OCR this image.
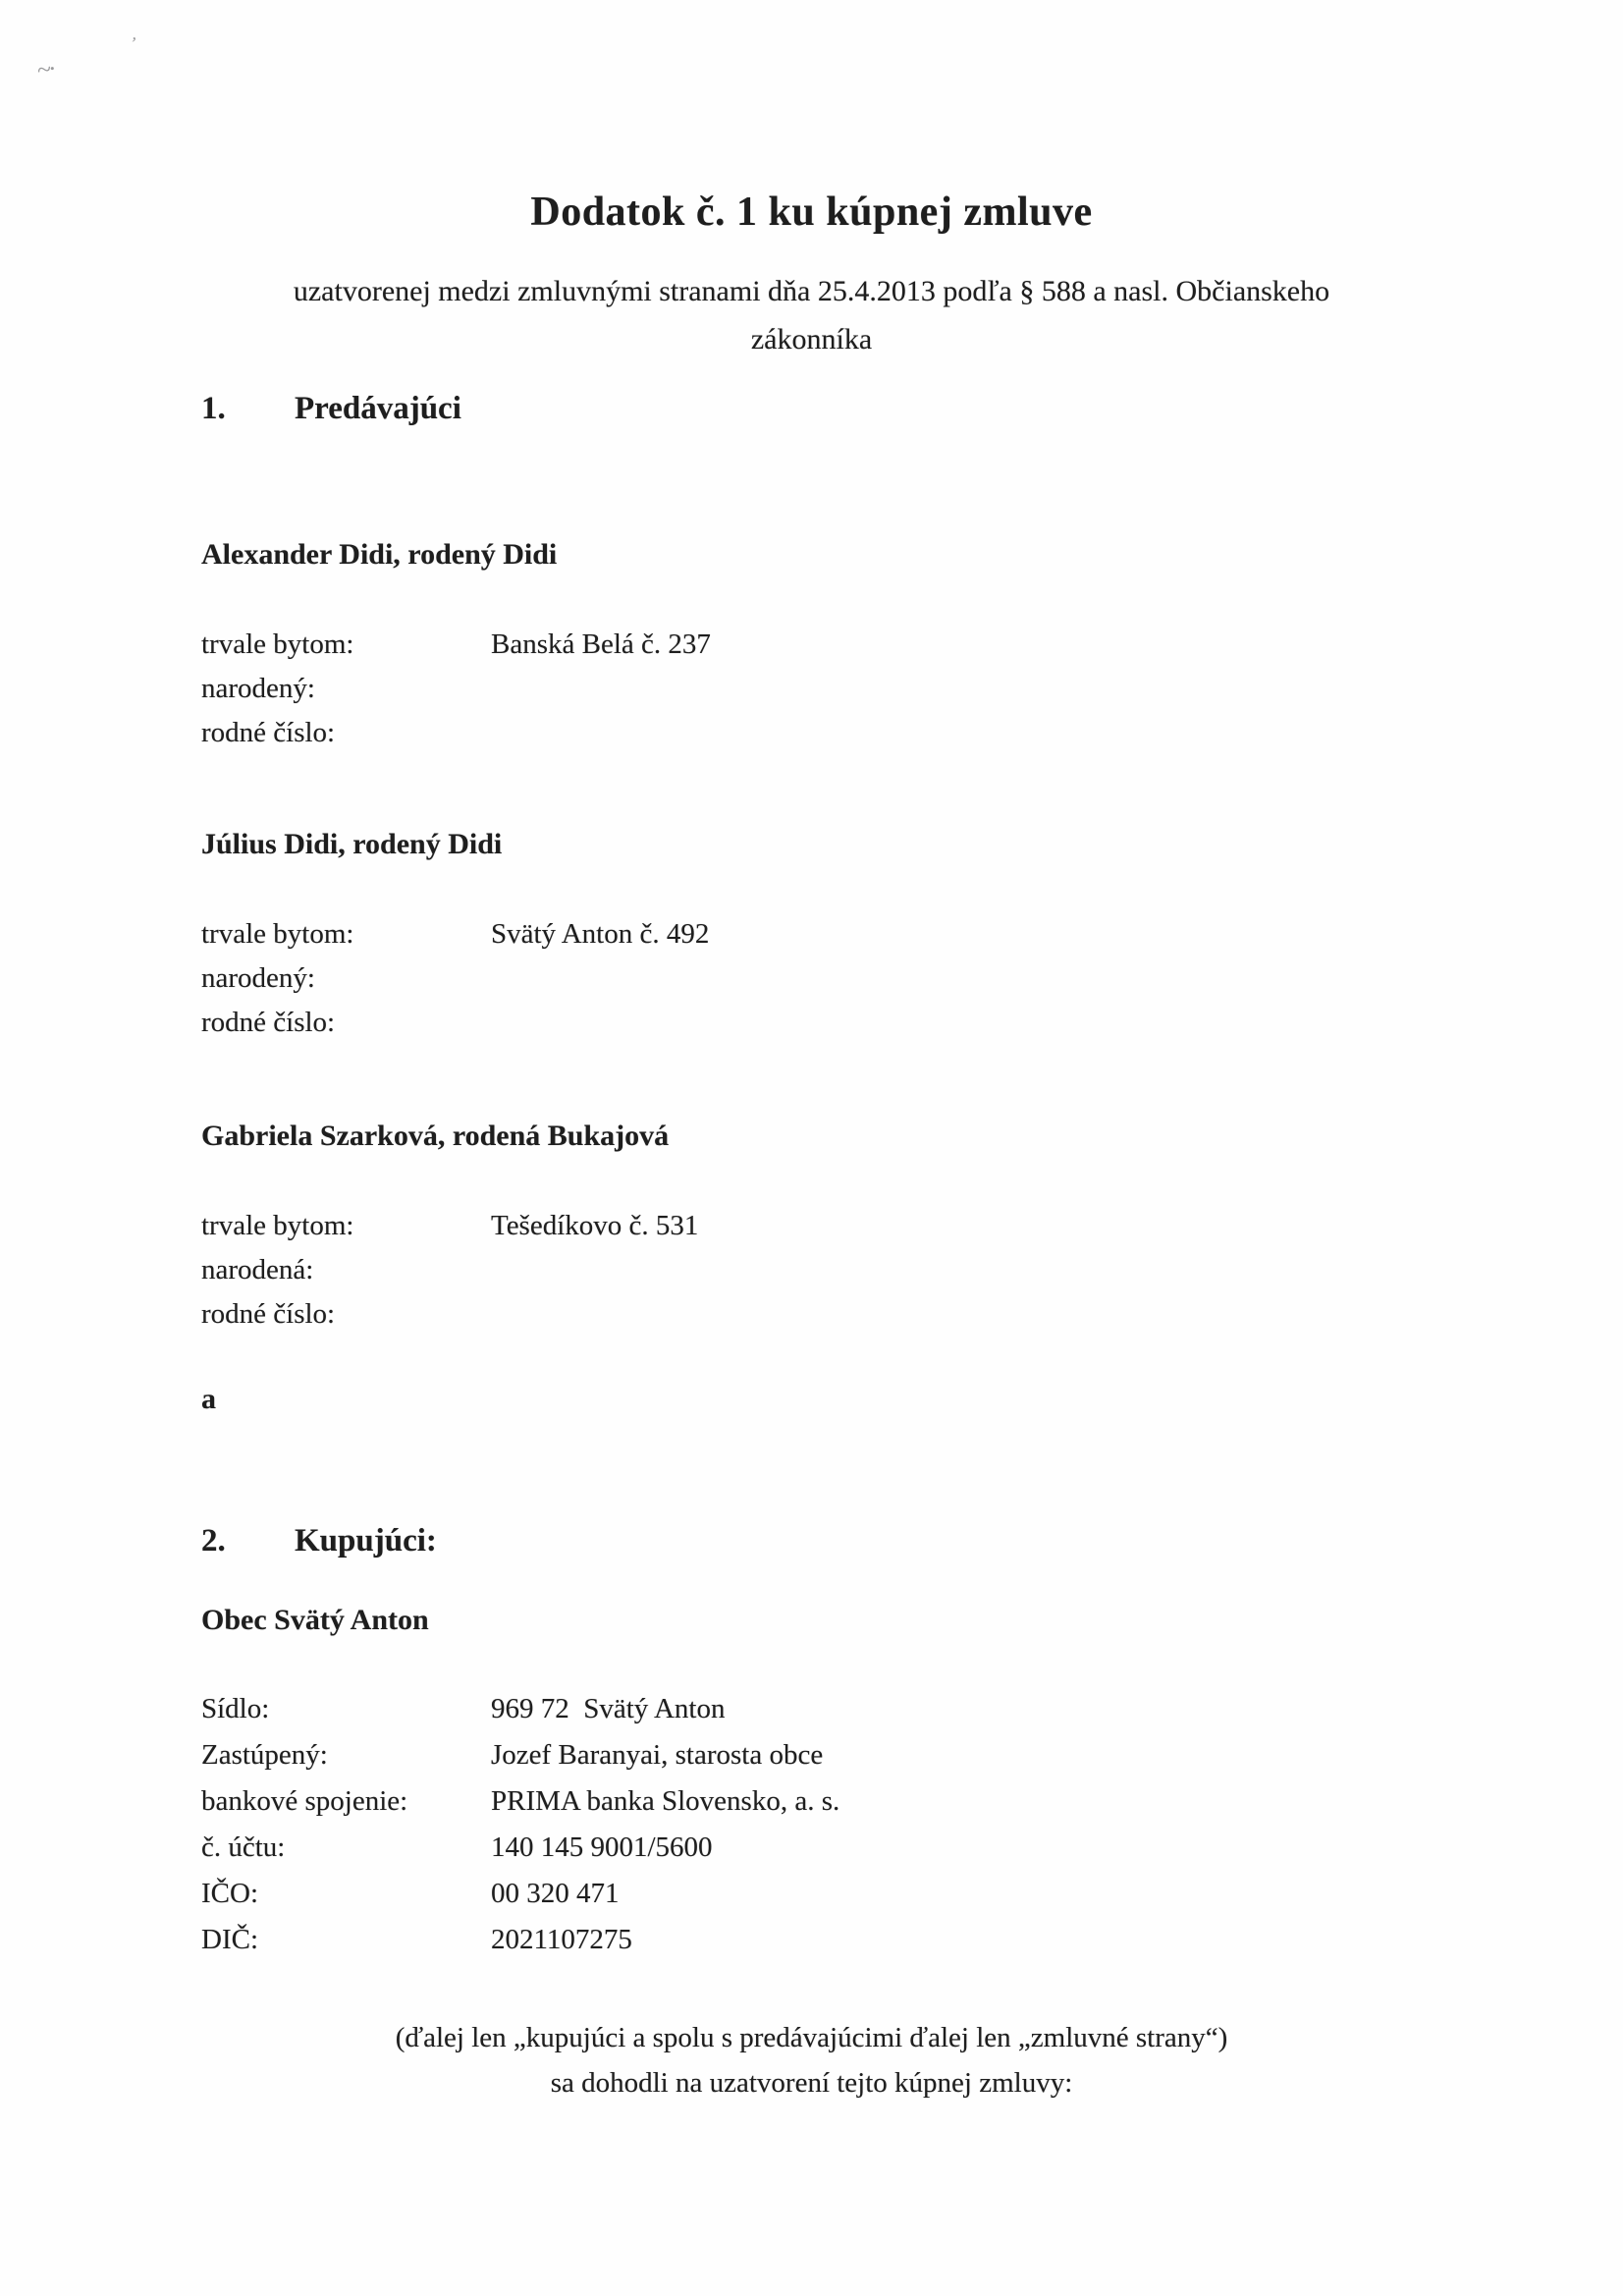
’
~·
Dodatok č. 1 ku kúpnej zmluve
uzatvorenej medzi zmluvnými stranami dňa 25.4.2013 podľa § 588 a nasl. Občianskeho
zákonníka
1.	Predávajúci
Alexander Didi, rodený Didi
trvale bytom:	Banská Belá č. 237
narodený:
rodné číslo:
Július Didi, rodený Didi
trvale bytom:	Svätý Anton č. 492
narodený:
rodné číslo:
Gabriela Szarková, rodená Bukajová
trvale bytom:	Tešedíkovo č. 531
narodená:
rodné číslo:
a
2.	Kupujúci:
Obec Svätý Anton
Sídlo:	969 72  Svätý Anton
Zastúpený:	Jozef Baranyai, starosta obce
bankové spojenie:	PRIMA banka Slovensko, a. s.
č. účtu:	140 145 9001/5600
IČO:	00 320 471
DIČ:	2021107275
(ďalej len „kupujúci a spolu s predávajúcimi ďalej len „zmluvné strany“)
sa dohodli na uzatvorení tejto kúpnej zmluvy:
